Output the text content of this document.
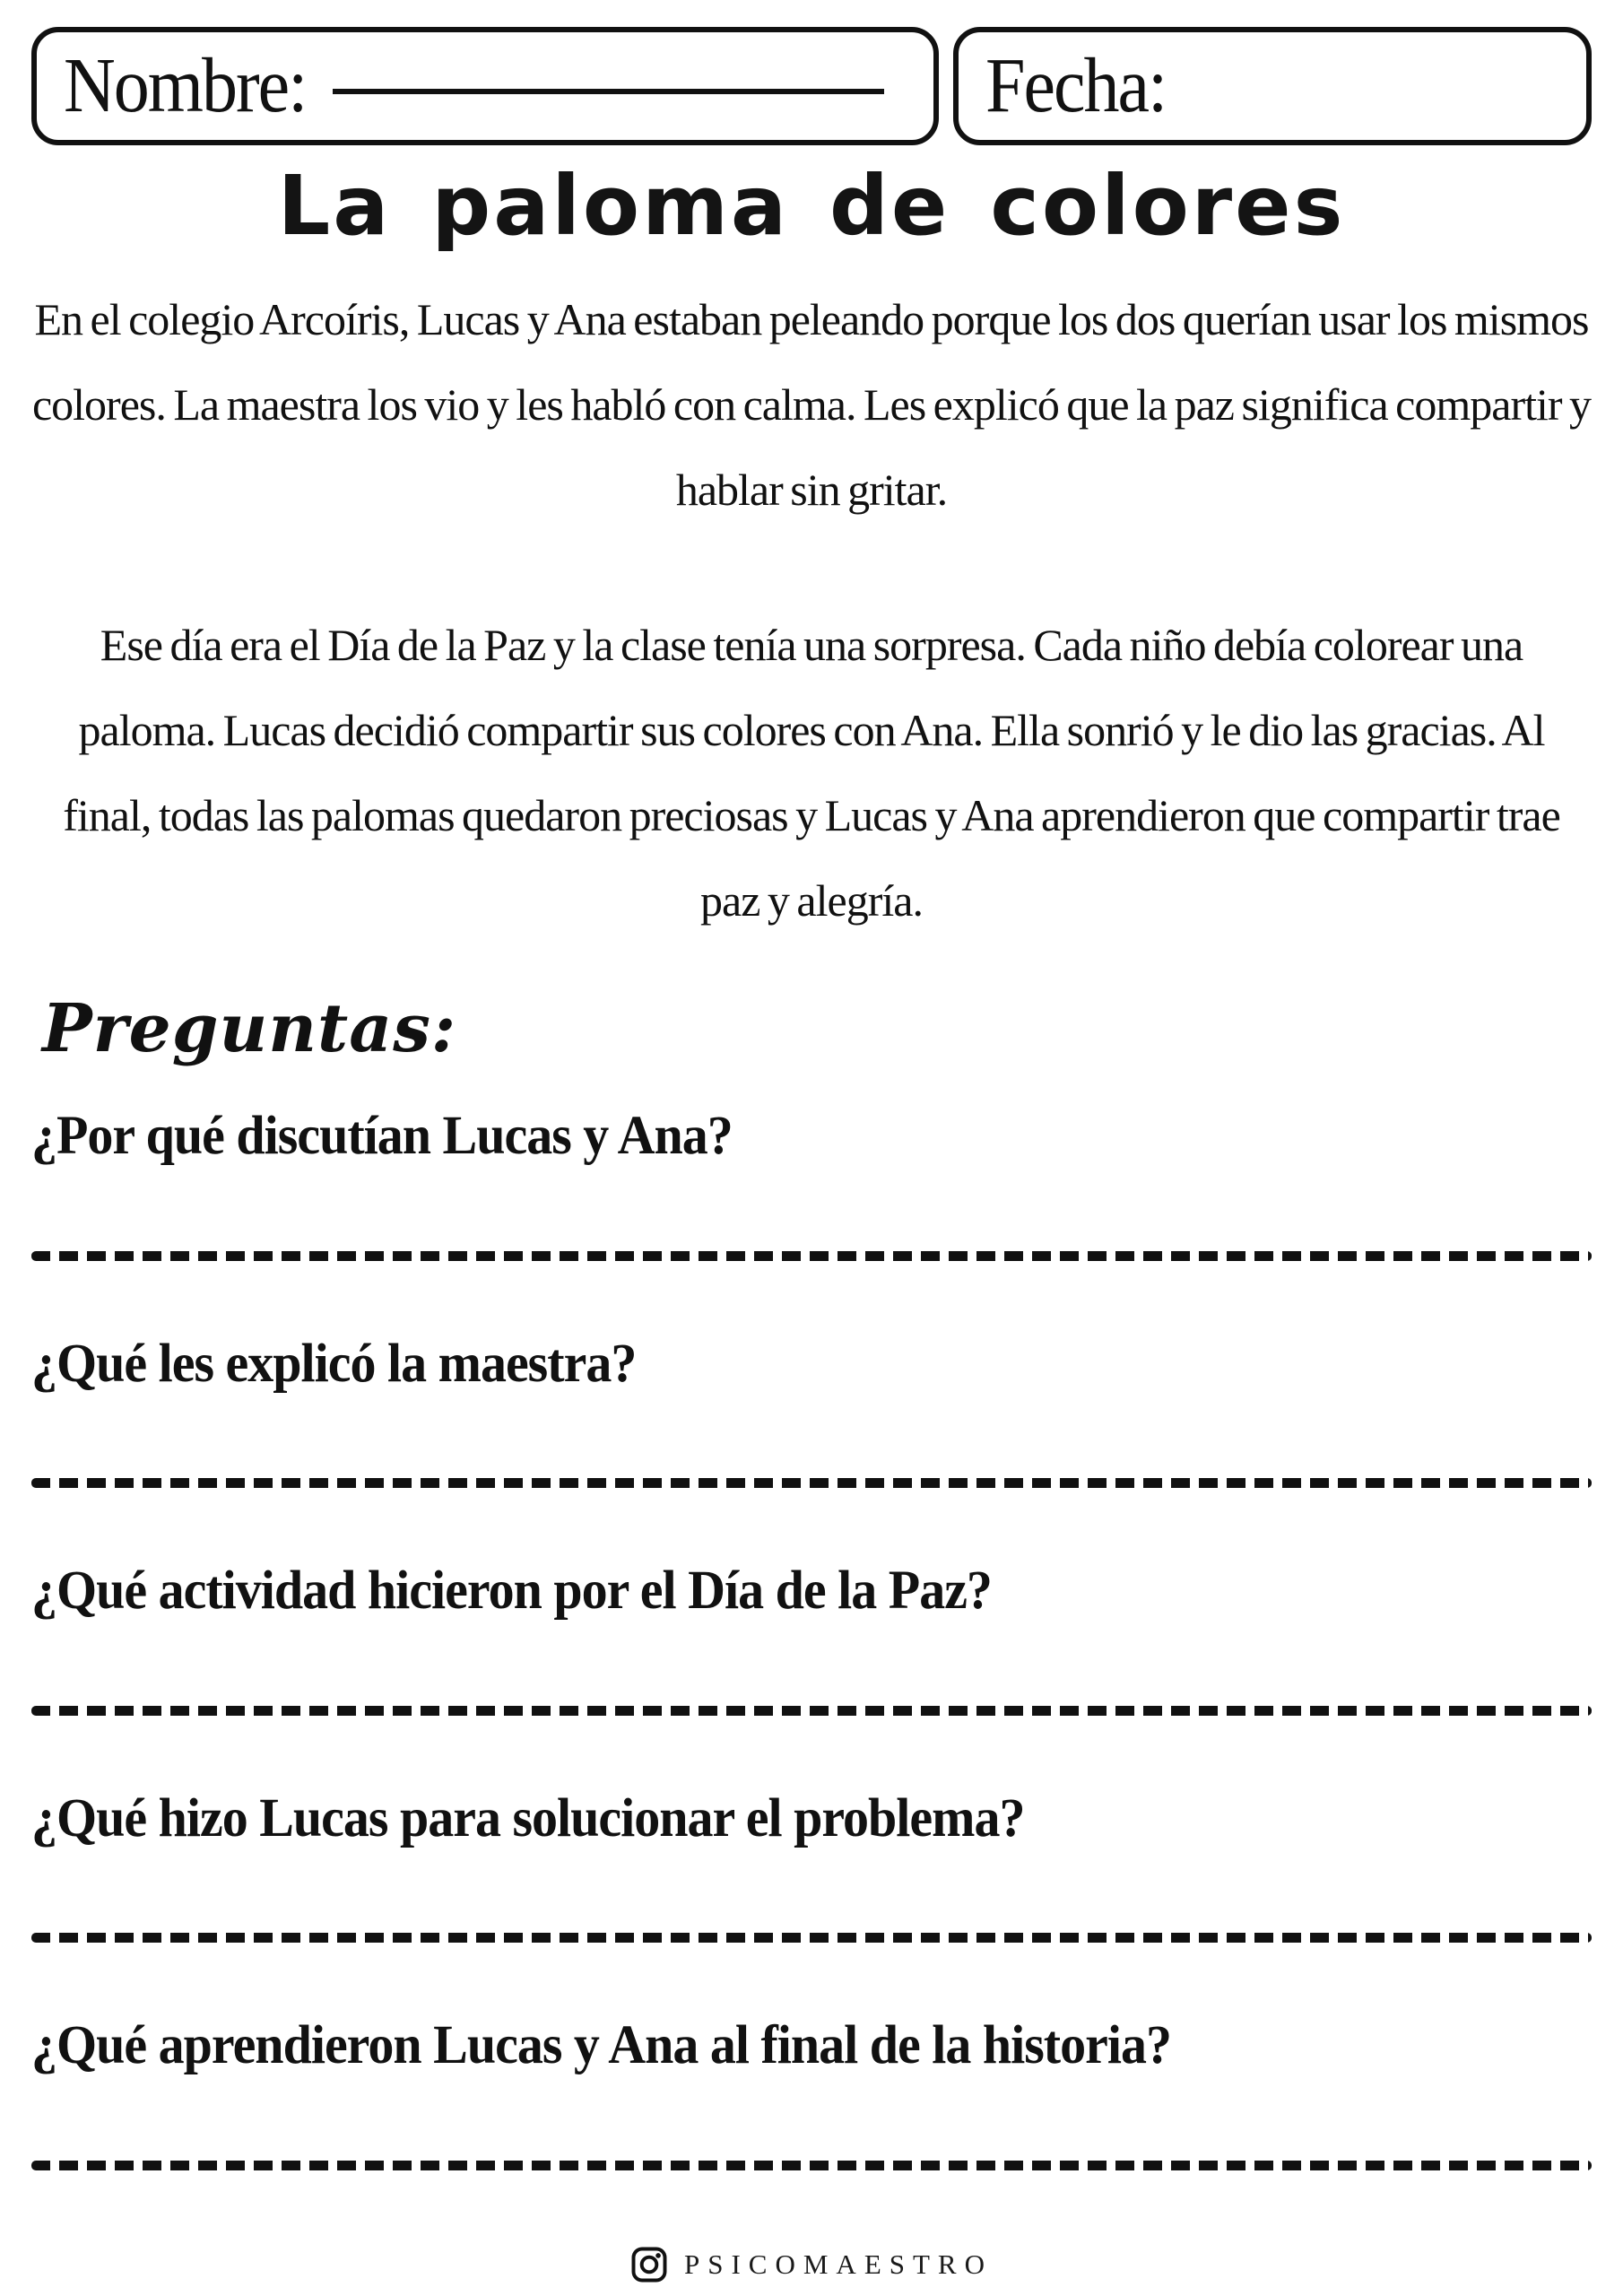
Nombre:	Fecha:
La paloma de colores

En el colegio Arcoíris, Lucas y Ana estaban peleando porque los dos querían usar los mismos colores. La maestra los vio y les habló con calma. Les explicó que la paz significa compartir y hablar sin gritar.

Ese día era el Día de la Paz y la clase tenía una sorpresa. Cada niño debía colorear una paloma. Lucas decidió compartir sus colores con Ana. Ella sonrió y le dio las gracias. Al final, todas las palomas quedaron preciosas y Lucas y Ana aprendieron que compartir trae paz y alegría.

Preguntas:

¿Por qué discutían Lucas y Ana?

¿Qué les explicó la maestra?

¿Qué actividad hicieron por el Día de la Paz?

¿Qué hizo Lucas para solucionar el problema?

¿Qué aprendieron Lucas y Ana al final de la historia?

PSICOMAESTRO
